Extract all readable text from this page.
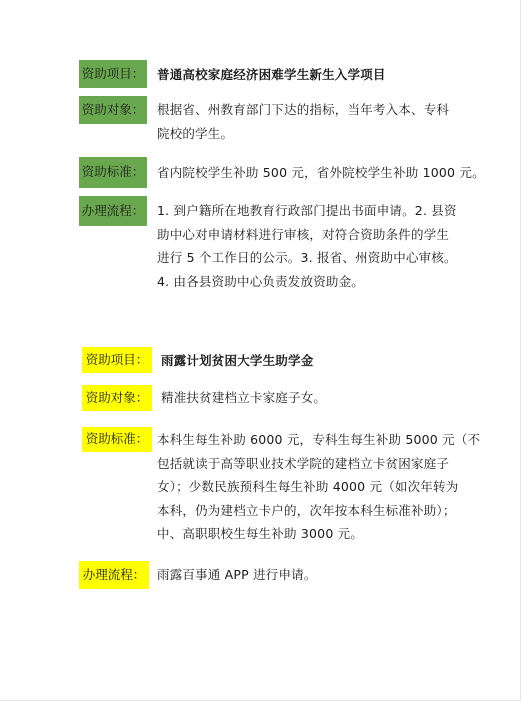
资助项目： 普通高校家庭经济困难学生新生入学项目

资助对象： 根据省、州教育部门下达的指标，当年考入本、专科
院校的学生。

资助标准： 省内院校学生补助 500 元，省外院校学生补助 1000 元。

办理流程： 1. 到户籍所在地教育行政部门提出书面申请。2. 县资
助中心对申请材料进行审核，对符合资助条件的学生
进行 5 个工作日的公示。3. 报省、州资助中心审核。
4. 由各县资助中心负责发放资助金。

资助项目：	雨露计划贫困大学生助学金

资助对象：	精准扶贫建档立卡家庭子女。

资助标准： 本科生每生补助 6000 元，专科生每生补助 5000 元（不
包括就读于高等职业技术学院的建档立卡贫困家庭子
女）；少数民族预科生每生补助 4000 元（如次年转为
本科，仍为建档立卡户的，次年按本科生标准补助）；
中、高职职校生每生补助 3000 元。

办理流程： 雨露百事通 APP 进行申请。
